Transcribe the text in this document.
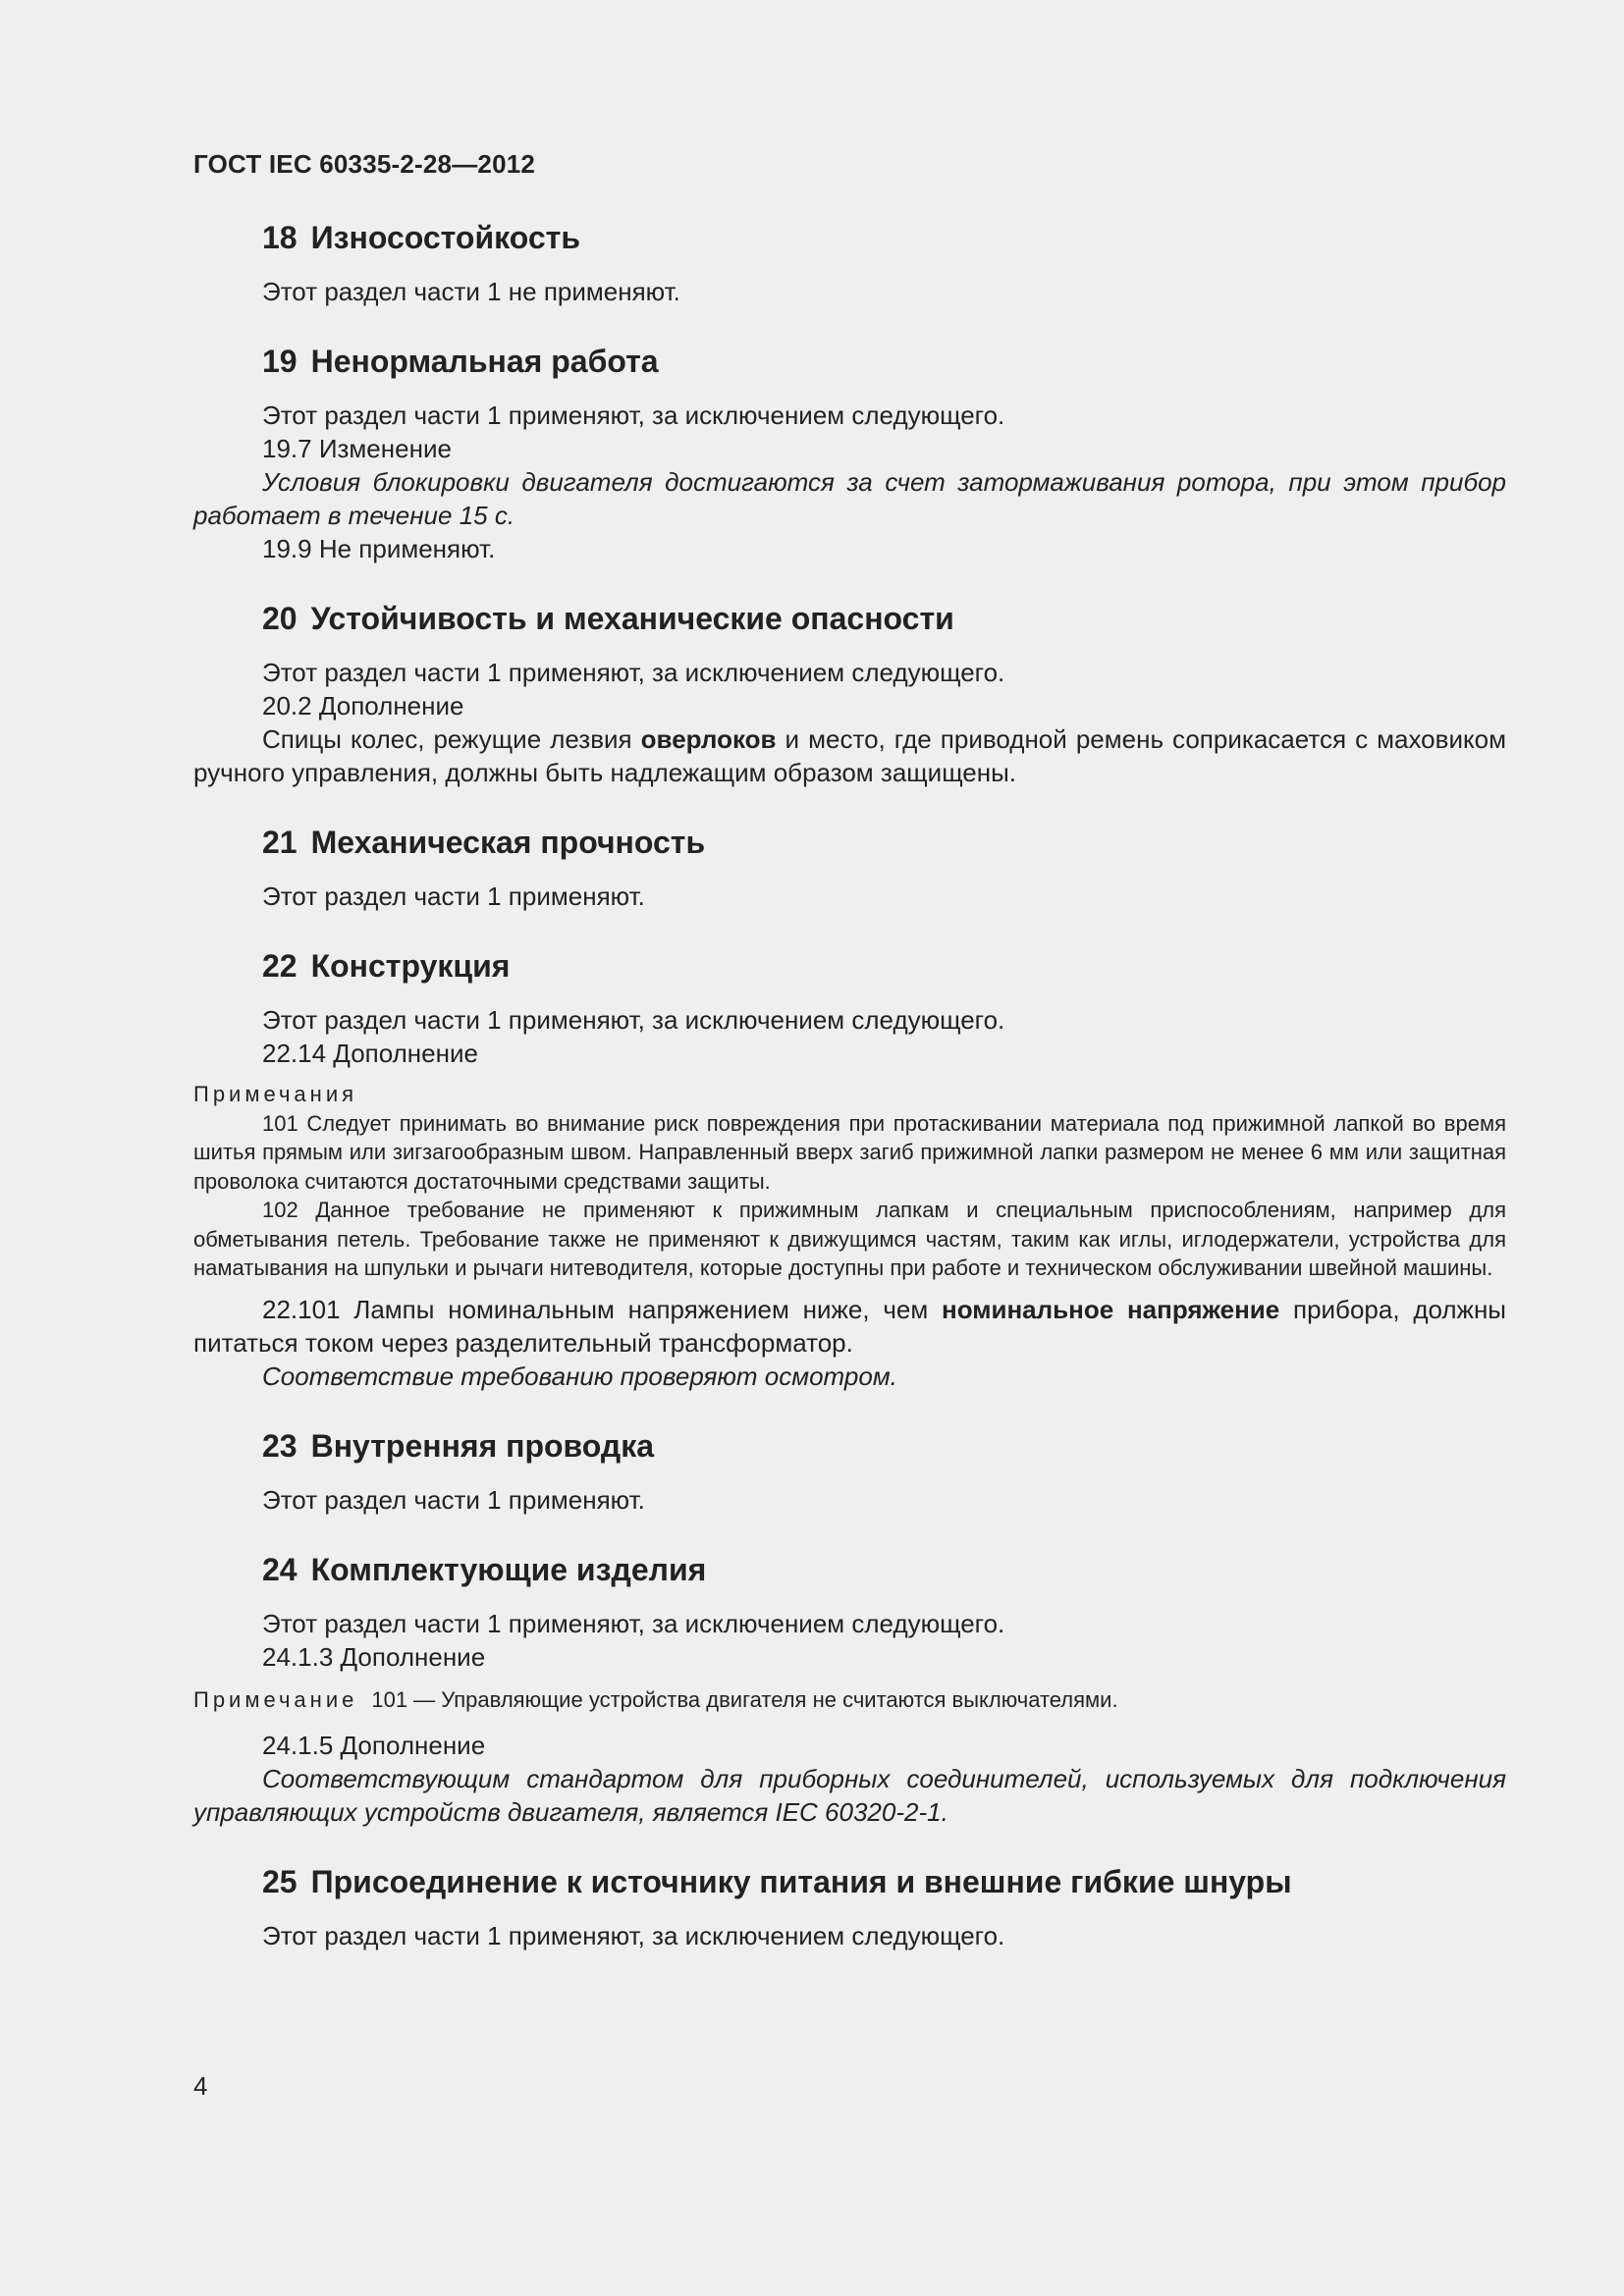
ГОСТ IEC 60335-2-28—2012
18 Износостойкость

Этот раздел части 1 не применяют.

19 Ненормальная работа

Этот раздел части 1 применяют, за исключением следующего.

19.7 Изменение

Условия блокировки двигателя достигаются за счет затормаживания ротора, при этом прибор работает в течение 15 с.

19.9 Не применяют.

20 Устойчивость и механические опасности

Этот раздел части 1 применяют, за исключением следующего.

20.2 Дополнение

Спицы колес, режущие лезвия оверлоков и место, где приводной ремень соприкасается с маховиком ручного управления, должны быть надлежащим образом защищены.

21 Механическая прочность

Этот раздел части 1 применяют.

22 Конструкция

Этот раздел части 1 применяют, за исключением следующего.

22.14 Дополнение

Примечания

101 Следует принимать во внимание риск повреждения при протаскивании материала под прижимной лапкой во время шитья прямым или зигзагообразным швом. Направленный вверх загиб прижимной лапки размером не менее 6 мм или защитная проволока считаются достаточными средствами защиты.

102 Данное требование не применяют к прижимным лапкам и специальным приспособлениям, например для обметывания петель. Требование также не применяют к движущимся частям, таким как иглы, иглодержатели, устройства для наматывания на шпульки и рычаги нитеводителя, которые доступны при работе и техническом обслуживании швейной машины.

22.101 Лампы номинальным напряжением ниже, чем номинальное напряжение прибора, должны питаться током через разделительный трансформатор.

Соответствие требованию проверяют осмотром.

23 Внутренняя проводка

Этот раздел части 1 применяют.

24 Комплектующие изделия

Этот раздел части 1 применяют, за исключением следующего.

24.1.3 Дополнение

Примечание 101 — Управляющие устройства двигателя не считаются выключателями.

24.1.5 Дополнение

Соответствующим стандартом для приборных соединителей, используемых для подключения управляющих устройств двигателя, является IEC 60320-2-1.

25 Присоединение к источнику питания и внешние гибкие шнуры

Этот раздел части 1 применяют, за исключением следующего.

4
